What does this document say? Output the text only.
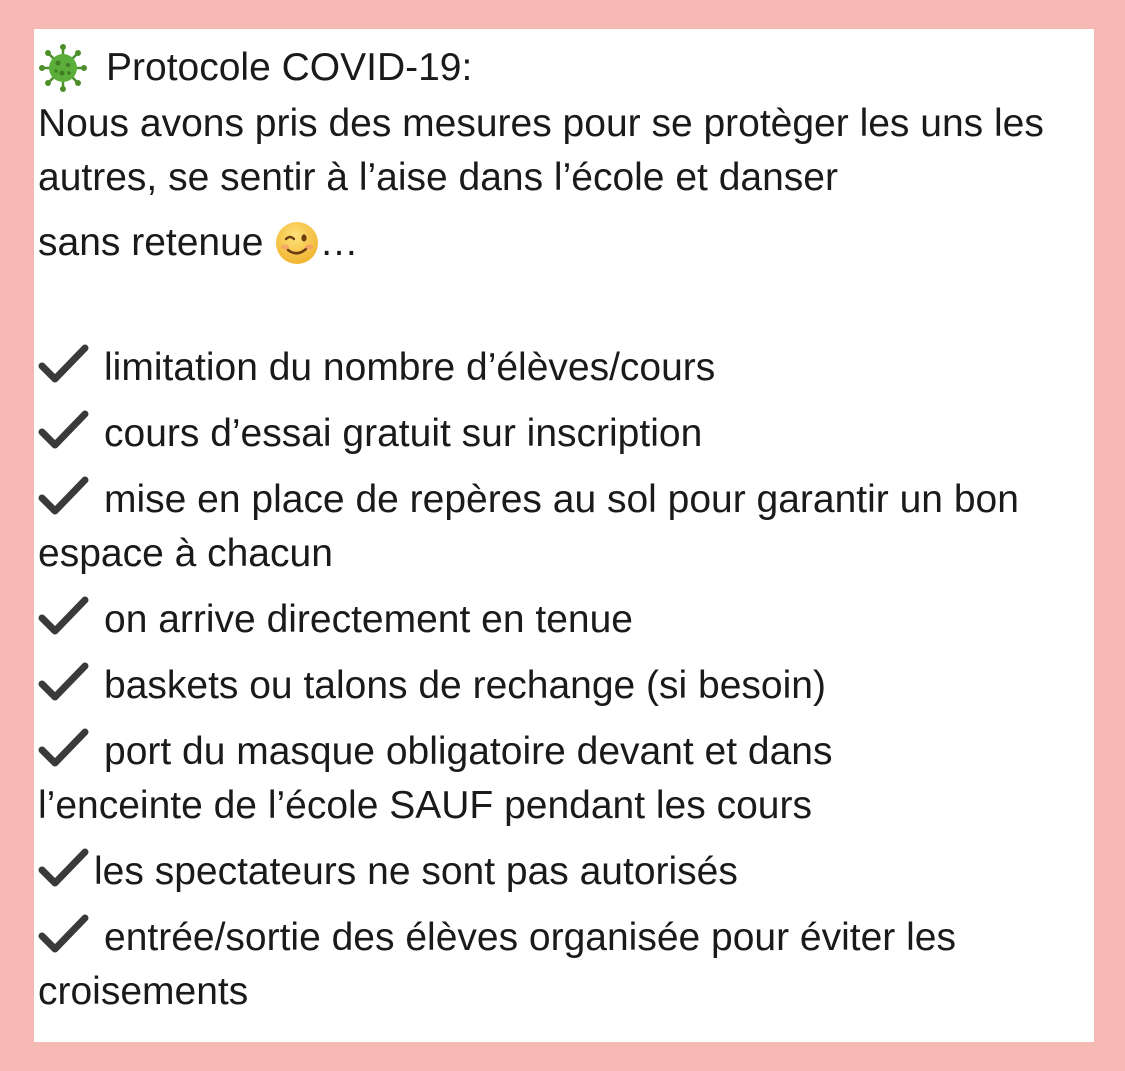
Protocole COVID-19:

Nous avons pris des mesures pour se protèger les uns les autres, se sentir à l’aise dans l’école et danser

sans retenue …
limitation du nombre d’élèves/cours
cours d’essai gratuit sur inscription
mise en place de repères au sol pour garantir un bon espace à chacun
on arrive directement en tenue
baskets ou talons de rechange (si besoin)
port du masque obligatoire devant et dans l’enceinte de l’école SAUF pendant les cours
les spectateurs ne sont pas autorisés
entrée/sortie des élèves organisée pour éviter les croisements
